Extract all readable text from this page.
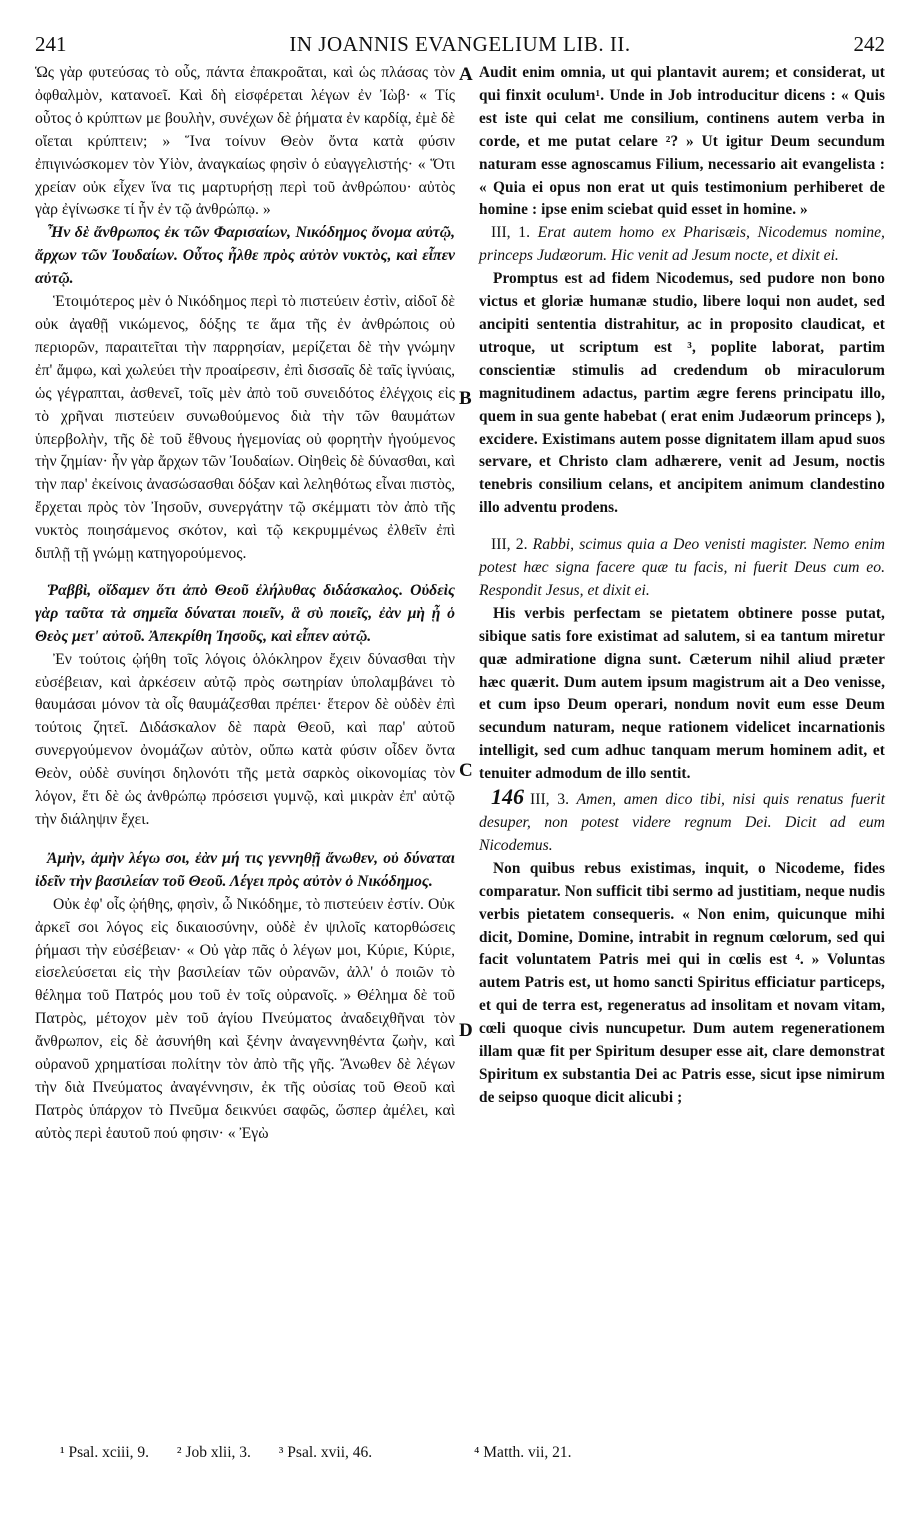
241	IN JOANNIS EVANGELIUM LIB. II.	242
A
B
C
D

Ὡς γὰρ φυτεύσας τὸ οὖς, πάντα ἐπακροᾶται, καὶ ὡς πλάσας τὸν ὀφθαλμὸν, κατανοεῖ. Καὶ δὴ εἰσφέρεται λέγων ἐν Ἰὼβ· « Τίς οὗτος ὁ κρύπτων με βουλὴν, συνέχων δὲ ῥήματα ἐν καρδίᾳ, ἐμὲ δὲ οἴεται κρύπτειν; » Ἵνα τοίνυν Θεὸν ὄντα κατὰ φύσιν ἐπιγινώσκομεν τὸν Υἱὸν, ἀναγκαίως φησὶν ὁ εὐαγγελιστής· « Ὅτι χρείαν οὐκ εἶχεν ἵνα τις μαρτυρήσῃ περὶ τοῦ ἀνθρώπου· αὐτὸς γὰρ ἐγίνωσκε τί ἦν ἐν τῷ ἀνθρώπῳ. »

Ἦν δὲ ἄνθρωπος ἐκ τῶν Φαρισαίων, Νικόδημος ὄνομα αὐτῷ, ἄρχων τῶν Ἰουδαίων. Οὗτος ἦλθε πρὸς αὐτὸν νυκτὸς, καὶ εἶπεν αὐτῷ.

Ἑτοιμότερος μὲν ὁ Νικόδημος περὶ τὸ πιστεύειν ἐστὶν, αἰδοῖ δὲ οὐκ ἀγαθῇ νικώμενος, δόξης τε ἅμα τῆς ἐν ἀνθρώποις οὐ περιορῶν, παραιτεῖται τὴν παρρησίαν, μερίζεται δὲ τὴν γνώμην ἐπ' ἄμφω, καὶ χωλεύει τὴν προαίρεσιν, ἐπὶ δισσαῖς δὲ ταῖς ἰγνύαις, ὡς γέγραπται, ἀσθενεῖ, τοῖς μὲν ἀπὸ τοῦ συνειδότος ἐλέγχοις εἰς τὸ χρῆναι πιστεύειν συνωθούμενος διὰ τὴν τῶν θαυμάτων ὑπερβολὴν, τῆς δὲ τοῦ ἔθνους ἡγεμονίας οὐ φορητὴν ἡγούμενος τὴν ζημίαν· ἦν γὰρ ἄρχων τῶν Ἰουδαίων. Οἰηθεὶς δὲ δύνασθαι, καὶ τὴν παρ' ἐκείνοις ἀνασώσασθαι δόξαν καὶ λεληθότως εἶναι πιστὸς, ἔρχεται πρὸς τὸν Ἰησοῦν, συνεργάτην τῷ σκέμματι τὸν ἀπὸ τῆς νυκτὸς ποιησάμενος σκότον, καὶ τῷ κεκρυμμένως ἐλθεῖν ἐπὶ διπλῇ τῇ γνώμῃ κατηγορούμενος.

Ῥαββὶ, οἴδαμεν ὅτι ἀπὸ Θεοῦ ἐλήλυθας διδάσκαλος. Οὐδεὶς γὰρ ταῦτα τὰ σημεῖα δύναται ποιεῖν, ἃ σὺ ποιεῖς, ἐὰν μὴ ᾖ ὁ Θεὸς μετ' αὐτοῦ. Ἀπεκρίθη Ἰησοῦς, καὶ εἶπεν αὐτῷ.

Ἐν τούτοις ᾠήθη τοῖς λόγοις ὁλόκληρον ἔχειν δύνασθαι τὴν εὐσέβειαν, καὶ ἀρκέσειν αὐτῷ πρὸς σωτηρίαν ὑπολαμβάνει τὸ θαυμάσαι μόνον τὰ οἷς θαυμάζεσθαι πρέπει· ἕτερον δὲ οὐδὲν ἐπὶ τούτοις ζητεῖ. Διδάσκαλον δὲ παρὰ Θεοῦ, καὶ παρ' αὐτοῦ συνεργούμενον ὀνομάζων αὐτὸν, οὔπω κατὰ φύσιν οἶδεν ὄντα Θεὸν, οὐδὲ συνίησι δηλονότι τῆς μετὰ σαρκὸς οἰκονομίας τὸν λόγον, ἔτι δὲ ὡς ἀνθρώπῳ πρόσεισι γυμνῷ, καὶ μικρὰν ἐπ' αὐτῷ τὴν διάληψιν ἔχει.

Ἀμὴν, ἀμὴν λέγω σοι, ἐὰν μή τις γεννηθῇ ἄνωθεν, οὐ δύναται ἰδεῖν τὴν βασιλείαν τοῦ Θεοῦ. Λέγει πρὸς αὐτὸν ὁ Νικόδημος.

Οὐκ ἐφ' οἷς ᾠήθης, φησὶν, ὦ Νικόδημε, τὸ πιστεύειν ἐστίν. Οὐκ ἀρκεῖ σοι λόγος εἰς δικαιοσύνην, οὐδὲ ἐν ψιλοῖς κατορθώσεις ῥήμασι τὴν εὐσέβειαν· « Οὐ γὰρ πᾶς ὁ λέγων μοι, Κύριε, Κύριε, εἰσελεύσεται εἰς τὴν βασιλείαν τῶν οὐρανῶν, ἀλλ' ὁ ποιῶν τὸ θέλημα τοῦ Πατρός μου τοῦ ἐν τοῖς οὐρανοῖς. » Θέλημα δὲ τοῦ Πατρὸς, μέτοχον μὲν τοῦ ἁγίου Πνεύματος ἀναδειχθῆναι τὸν ἄνθρωπον, εἰς δὲ ἀσυνήθη καὶ ξένην ἀναγεννηθέντα ζωὴν, καὶ οὐρανοῦ χρηματίσαι πολίτην τὸν ἀπὸ τῆς γῆς. Ἄνωθεν δὲ λέγων τὴν διὰ Πνεύματος ἀναγέννησιν, ἐκ τῆς οὐσίας τοῦ Θεοῦ καὶ Πατρὸς ὑπάρχον τὸ Πνεῦμα δεικνύει σαφῶς, ὥσπερ ἀμέλει, καὶ αὐτὸς περὶ ἑαυτοῦ πού φησιν· « Ἐγὼ

Audit enim omnia, ut qui plantavit aurem; et considerat, ut qui finxit oculum¹. Unde in Job introducitur dicens : « Quis est iste qui celat me consilium, continens autem verba in corde, et me putat celare ²? » Ut igitur Deum secundum naturam esse agnoscamus Filium, necessario ait evangelista : « Quia ei opus non erat ut quis testimonium perhiberet de homine : ipse enim sciebat quid esset in homine. »

III, 1. Erat autem homo ex Pharisæis, Nicodemus nomine, princeps Judæorum. Hic venit ad Jesum nocte, et dixit ei.

Promptus est ad fidem Nicodemus, sed pudore non bono victus et gloriæ humanæ studio, libere loqui non audet, sed ancipiti sententia distrahitur, ac in proposito claudicat, et utroque, ut scriptum est ³, poplite laborat, partim conscientiæ stimulis ad credendum ob miraculorum magnitudinem adactus, partim ægre ferens principatu illo, quem in sua gente habebat ( erat enim Judæorum princeps ), excidere. Existimans autem posse dignitatem illam apud suos servare, et Christo clam adhærere, venit ad Jesum, noctis tenebris consilium celans, et ancipitem animum clandestino illo adventu prodens.

III, 2. Rabbi, scimus quia a Deo venisti magister. Nemo enim potest hæc signa facere quæ tu facis, ni fuerit Deus cum eo. Respondit Jesus, et dixit ei.

His verbis perfectam se pietatem obtinere posse putat, sibique satis fore existimat ad salutem, si ea tantum miretur quæ admiratione digna sunt. Cæterum nihil aliud præter hæc quærit. Dum autem ipsum magistrum ait a Deo venisse, et cum ipso Deum operari, nondum novit eum esse Deum secundum naturam, neque rationem videlicet incarnationis intelligit, sed cum adhuc tanquam merum hominem adit, et tenuiter admodum de illo sentit.

146 III, 3. Amen, amen dico tibi, nisi quis renatus fuerit desuper, non potest videre regnum Dei. Dicit ad eum Nicodemus.

Non quibus rebus existimas, inquit, o Nicodeme, fides comparatur. Non sufficit tibi sermo ad justitiam, neque nudis verbis pietatem consequeris. « Non enim, quicunque mihi dicit, Domine, Domine, intrabit in regnum cœlorum, sed qui facit voluntatem Patris mei qui in cœlis est ⁴. » Voluntas autem Patris est, ut homo sancti Spiritus efficiatur particeps, et qui de terra est, regeneratus ad insolitam et novam vitam, cœli quoque civis nuncupetur. Dum autem regenerationem illam quæ fit per Spiritum desuper esse ait, clare demonstrat Spiritum ex substantia Dei ac Patris esse, sicut ipse nimirum de seipso quoque dicit alicubi ;

¹ Psal. xciii, 9. ² Job xlii, 3. ³ Psal. xvii, 46.	⁴ Matth. vii, 21.
